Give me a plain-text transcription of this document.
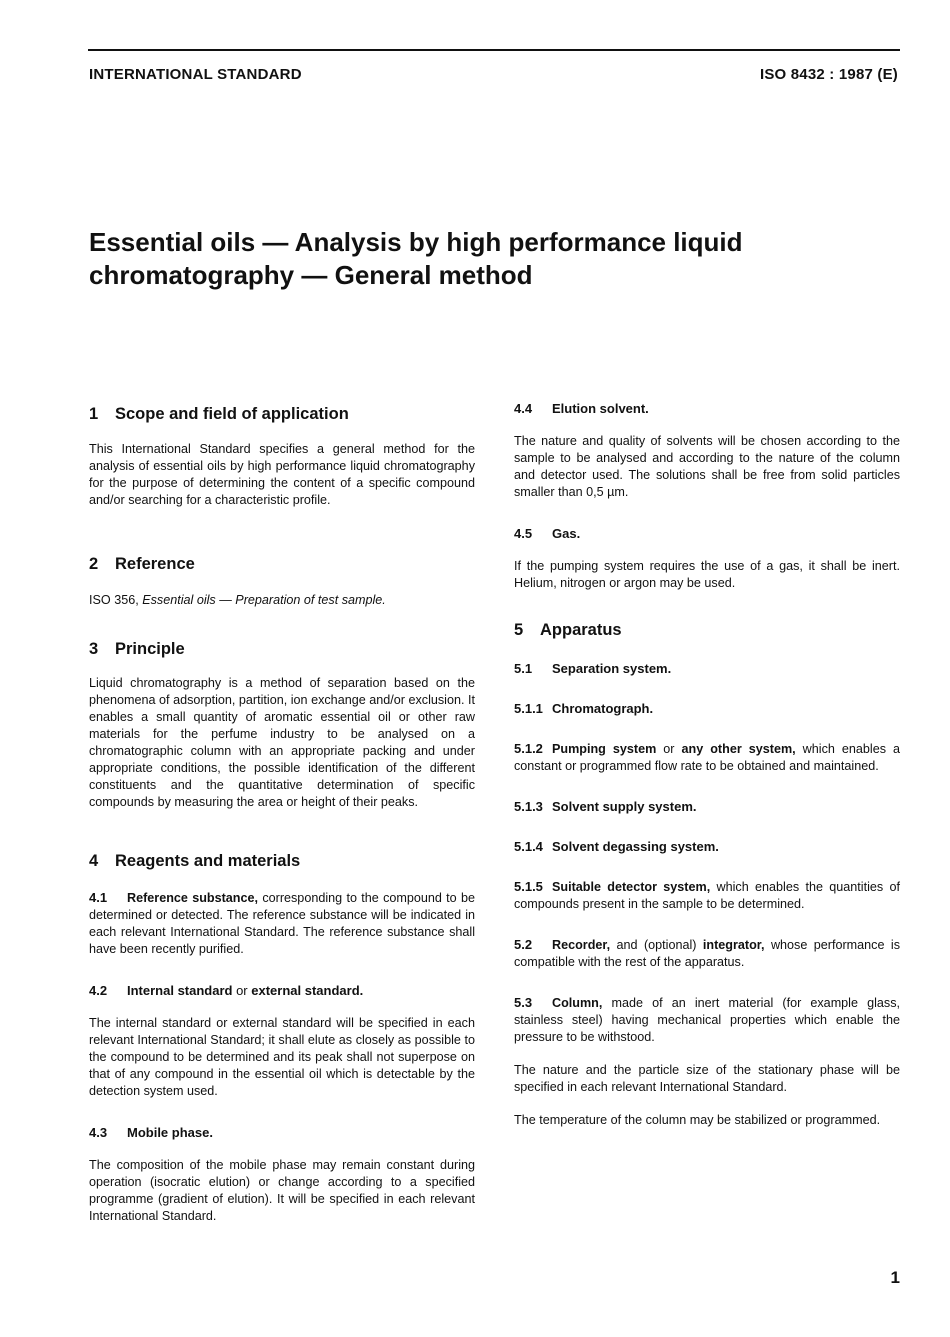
INTERNATIONAL STANDARD	ISO 8432 : 1987 (E)
Essential oils — Analysis by high performance liquid
chromatography — General method
1 Scope and field of application

This International Standard specifies a general method for the analysis of essential oils by high performance liquid chromatography for the purpose of determining the content of a specific compound and/or searching for a characteristic profile.

2 Reference

ISO 356, Essential oils — Preparation of test sample.

3 Principle

Liquid chromatography is a method of separation based on the phenomena of adsorption, partition, ion exchange and/or exclusion. It enables a small quantity of aromatic essential oil or other raw materials for the perfume industry to be analysed on a chromatographic column with an appropriate packing and under appropriate conditions, the possible identification of the different constituents and the quantitative determination of specific compounds by measuring the area or height of their peaks.

4 Reagents and materials

4.1 Reference substance, corresponding to the compound to be determined or detected. The reference substance will be indicated in each relevant International Standard. The reference substance shall have been recently purified.

4.2 Internal standard or external standard.

The internal standard or external standard will be specified in each relevant International Standard; it shall elute as closely as possible to the compound to be determined and its peak shall not superpose on that of any compound in the essential oil which is detectable by the detection system used.

4.3 Mobile phase.

The composition of the mobile phase may remain constant during operation (isocratic elution) or change according to a specified programme (gradient of elution). It will be specified in each relevant International Standard.

4.4 Elution solvent.

The nature and quality of solvents will be chosen according to the sample to be analysed and according to the nature of the column and detector used. The solutions shall be free from solid particles smaller than 0,5 µm.

4.5 Gas.

If the pumping system requires the use of a gas, it shall be inert. Helium, nitrogen or argon may be used.

5 Apparatus

5.1 Separation system.

5.1.1 Chromatograph.

5.1.2 Pumping system or any other system, which enables a constant or programmed flow rate to be obtained and maintained.

5.1.3 Solvent supply system.

5.1.4 Solvent degassing system.

5.1.5 Suitable detector system, which enables the quantities of compounds present in the sample to be determined.

5.2 Recorder, and (optional) integrator, whose performance is compatible with the rest of the apparatus.

5.3 Column, made of an inert material (for example glass, stainless steel) having mechanical properties which enable the pressure to be withstood.

The nature and the particle size of the stationary phase will be specified in each relevant International Standard.

The temperature of the column may be stabilized or programmed.

1
